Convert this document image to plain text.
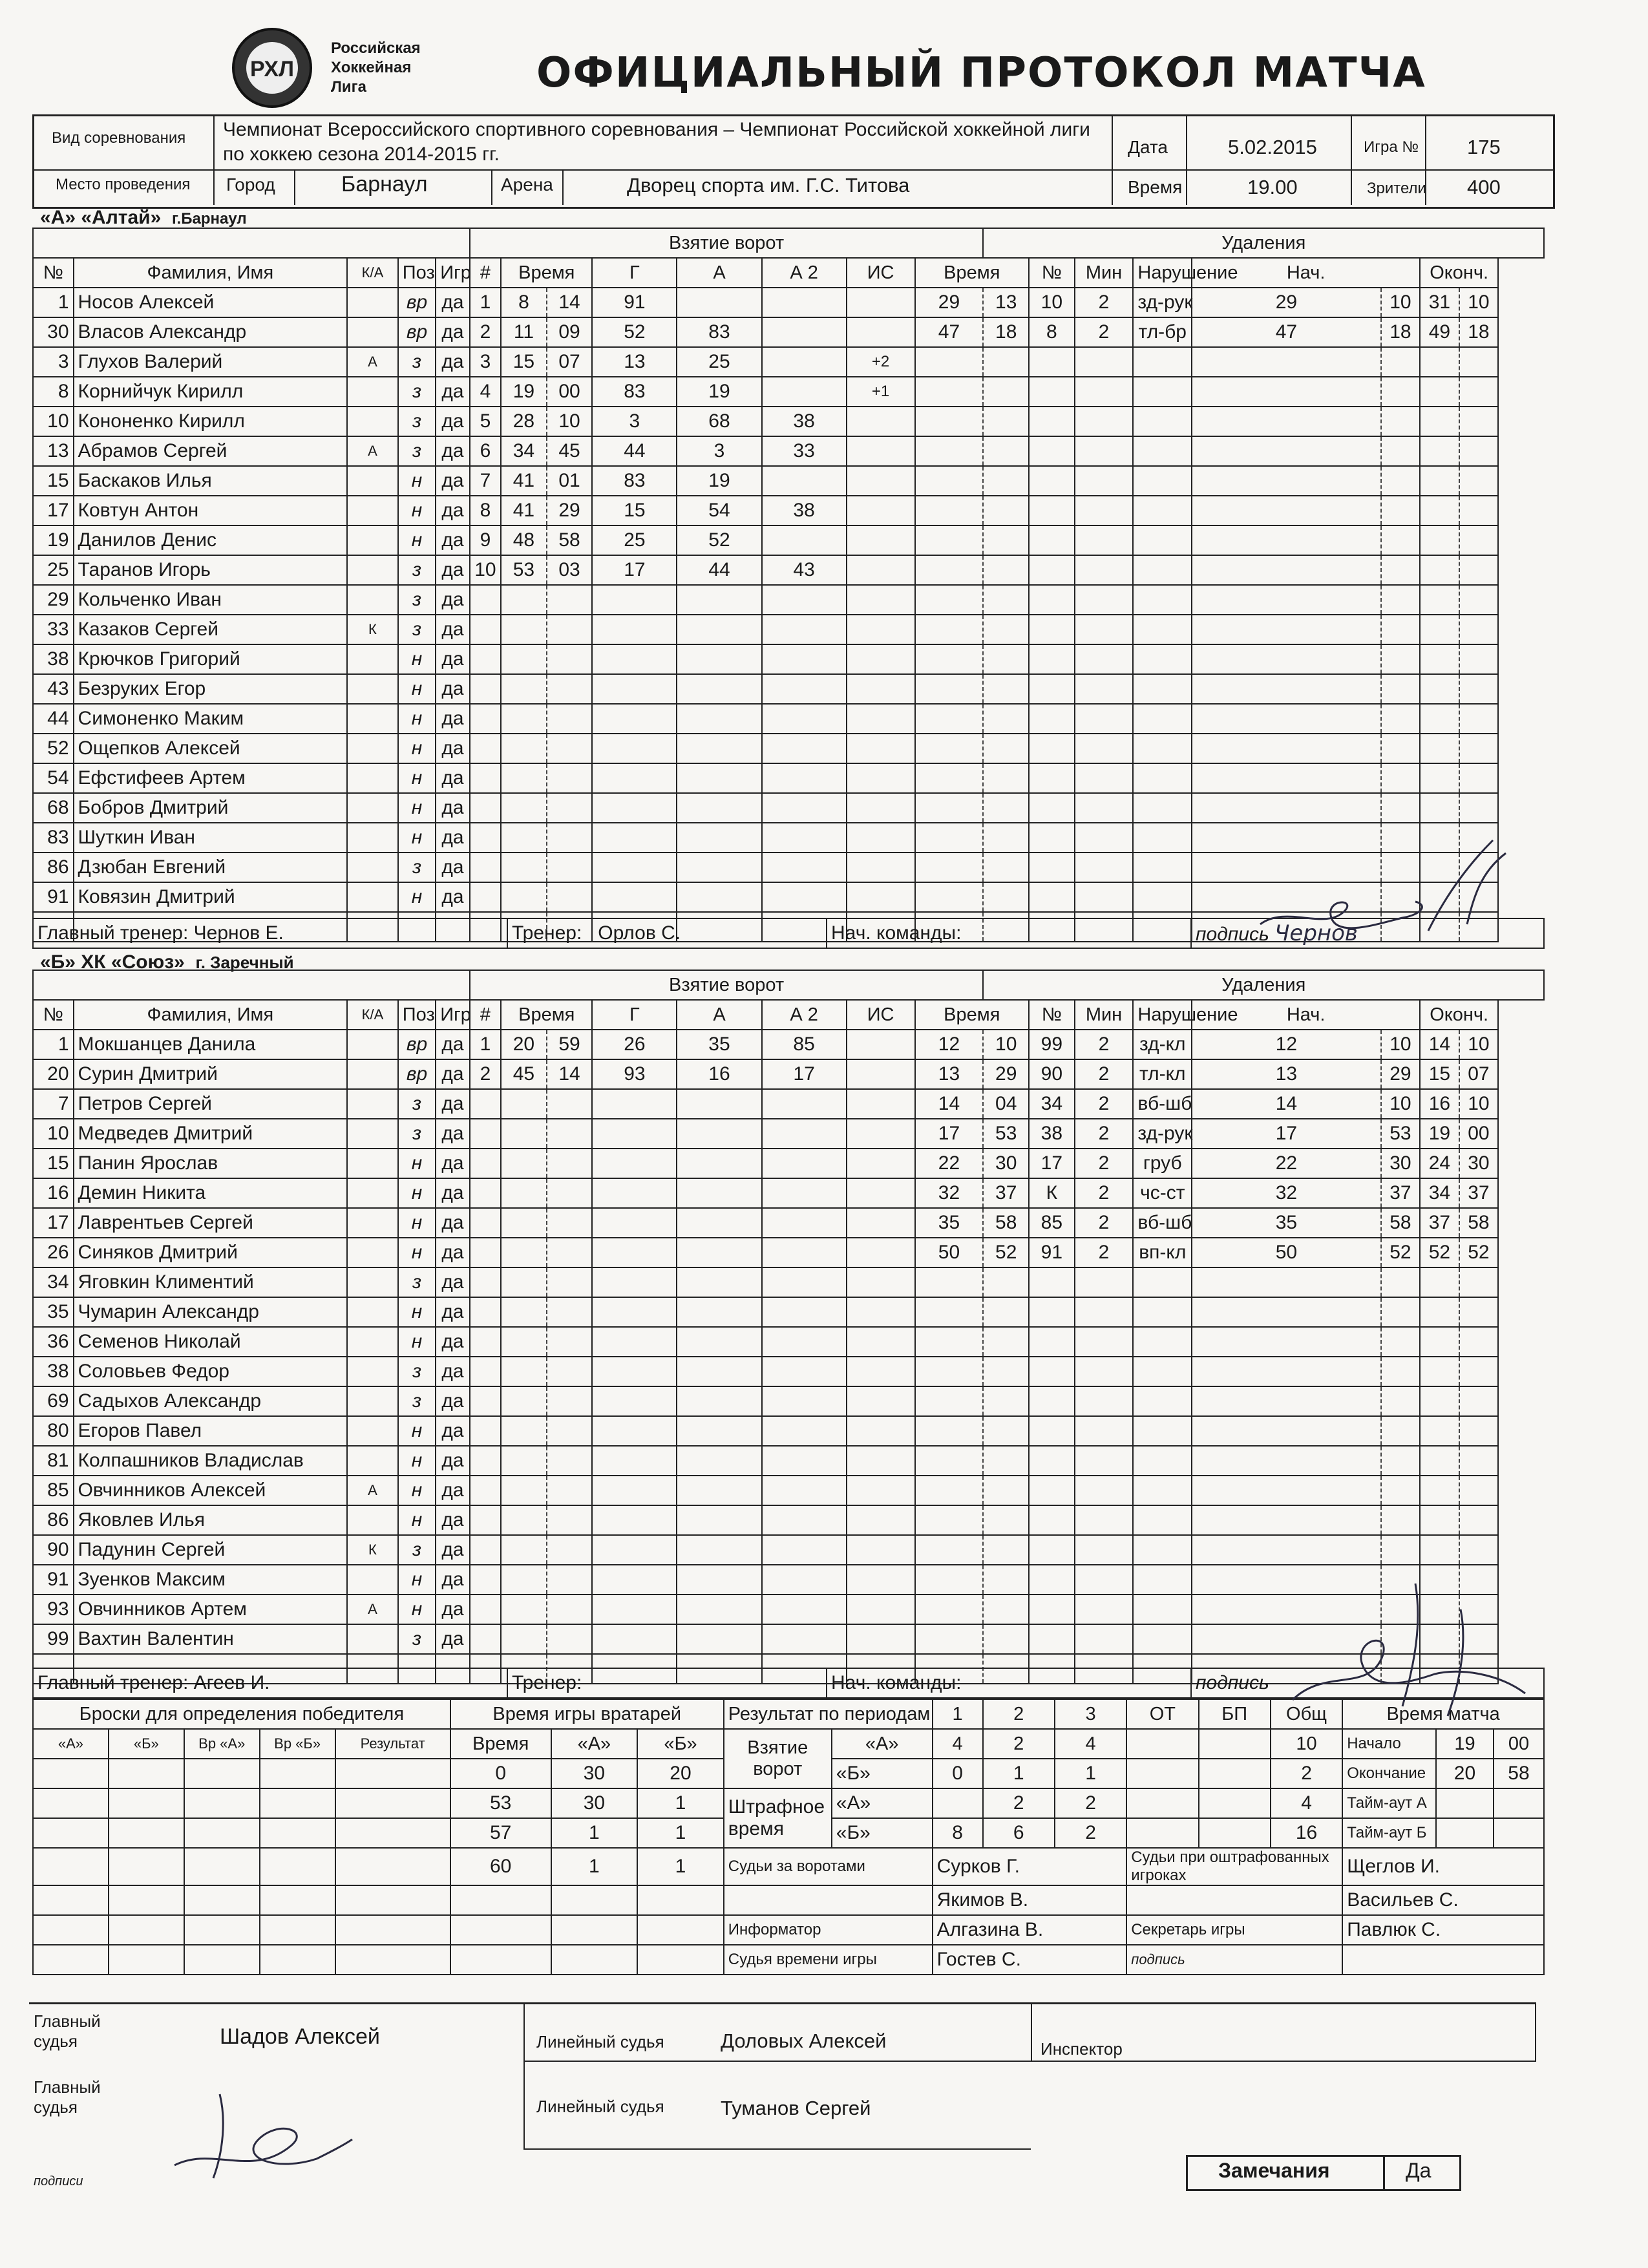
РХЛ
Российская
Хоккейная
Лига	ОФИЦИАЛЬНЫЙ ПРОТОКОЛ МАТЧА
Вид соревнования Чемпионат Всероссийского спортивного соревнования – Чемпионат Российской хоккейной лиги по хоккею сезона 2014-2015 гг.	Дата	5.02.2015	Игра № 175
Место проведения Город	Барнаул	Арена	Дворец спорта им. Г.С. Титова	Время	19.00	Зрители 400
«А» «Алтай» г.Барнаул
					Взятие ворот								Удаления							
№	Фамилия, Имя	К/А	Поз	Игр	#	Время		Г	А	А 2	ИС	Время		№	Мин	Нарушение	Нач.		Оконч.	
1	Носов Алексей		вр	да	1	8	14	91				29	13	10	2	зд-рук	29	10	31	10
30	Власов Александр		вр	да	2	11	09	52	83			47	18	8	2	тл-бр	47	18	49	18
3	Глухов Валерий	А	з	да	3	15	07	13	25		+2									
8	Корнийчук Кирилл		з	да	4	19	00	83	19		+1									
10	Кононенко Кирилл		з	да	5	28	10	3	68	38										
13	Абрамов Сергей	А	з	да	6	34	45	44	3	33										
15	Баскаков Илья		н	да	7	41	01	83	19											
17	Ковтун Антон		н	да	8	41	29	15	54	38										
19	Данилов Денис		н	да	9	48	58	25	52											
25	Таранов Игорь		з	да	10	53	03	17	44	43										
29	Кольченко Иван		з	да																
33	Казаков Сергей	К	з	да																
38	Крючков Григорий		н	да																
43	Безруких Егор		н	да																
44	Симоненко Маким		н	да																
52	Ощепков Алексей		н	да																
54	Ефстифеев Артем		н	да																
68	Бобров Дмитрий		н	да																
83	Шуткин Иван		н	да																
86	Дзюбан Евгений		з	да																
91	Ковязин Дмитрий		н	да																

Главный тренер: Чернов Е.	Тренер: Орлов С.	Нач. команды:	подпись Чернов
«Б» ХК «Союз» г. Заречный
					Взятие ворот								Удаления							
№	Фамилия, Имя	К/А	Поз	Игр	#	Время		Г	А	А 2	ИС	Время		№	Мин	Нарушение	Нач.		Оконч.	
1	Мокшанцев Данила		вр	да	1	20	59	26	35	85		12	10	99	2	зд-кл	12	10	14	10
20	Сурин Дмитрий		вр	да	2	45	14	93	16	17		13	29	90	2	тл-кл	13	29	15	07
7	Петров Сергей		з	да								14	04	34	2	вб-шб	14	10	16	10
10	Медведев Дмитрий		з	да								17	53	38	2	зд-рук	17	53	19	00
15	Панин Ярослав		н	да								22	30	17	2	груб	22	30	24	30
16	Демин Никита		н	да								32	37	К	2	чс-ст	32	37	34	37
17	Лаврентьев Сергей		н	да								35	58	85	2	вб-шб	35	58	37	58
26	Синяков Дмитрий		н	да								50	52	91	2	вп-кл	50	52	52	52
34	Яговкин Климентий		з	да																
35	Чумарин Александр		н	да																
36	Семенов Николай		н	да																
38	Соловьев Федор		з	да																
69	Садыхов Александр		з	да																
80	Егоров Павел		н	да																
81	Колпашников Владислав		н	да																
85	Овчинников Алексей	А	н	да																
86	Яковлев Илья		н	да																
90	Падунин Сергей	К	з	да																
91	Зуенков Максим		н	да																
93	Овчинников Артем	А	н	да																
99	Вахтин Валентин		з	да																

Главный тренер: Агеев И.	Тренер:	Нач. команды:	подпись
Броски для определения победителя					Время игры вратарей			Результат по периодам		1	2	3	ОТ	БП	Общ	Время матча		
«А»	«Б»	Вр «А»	Вр «Б»	Результат	Время	«А»	«Б»	Взятие ворот	«А»	4	2	4			10	Начало	19	00
					0	30	20		«Б»	0	1	1			2	Окончание	20	58
					53	30	1	Штрафное время	«А»		2	2			4	Тайм-аут А		
					57	1	1		«Б»	8	6	2			16	Тайм-аут Б		
					60	1	1	Судьи за воротами		Сурков Г.			Судьи при оштрафованных игроках			Щеглов И.		
										Якимов В.						Васильев С.		
								Информатор		Алгазина В.			Секретарь игры			Павлюк С.		
								Судья времени игры		Гостев С.			подпись					
Главный судья	Шадов Алексей
Главный судья
Линейный судья	Доловых Алексей
Линейный судья	Туманов Сергей
Инспектор
подписи	Замечания	Да
